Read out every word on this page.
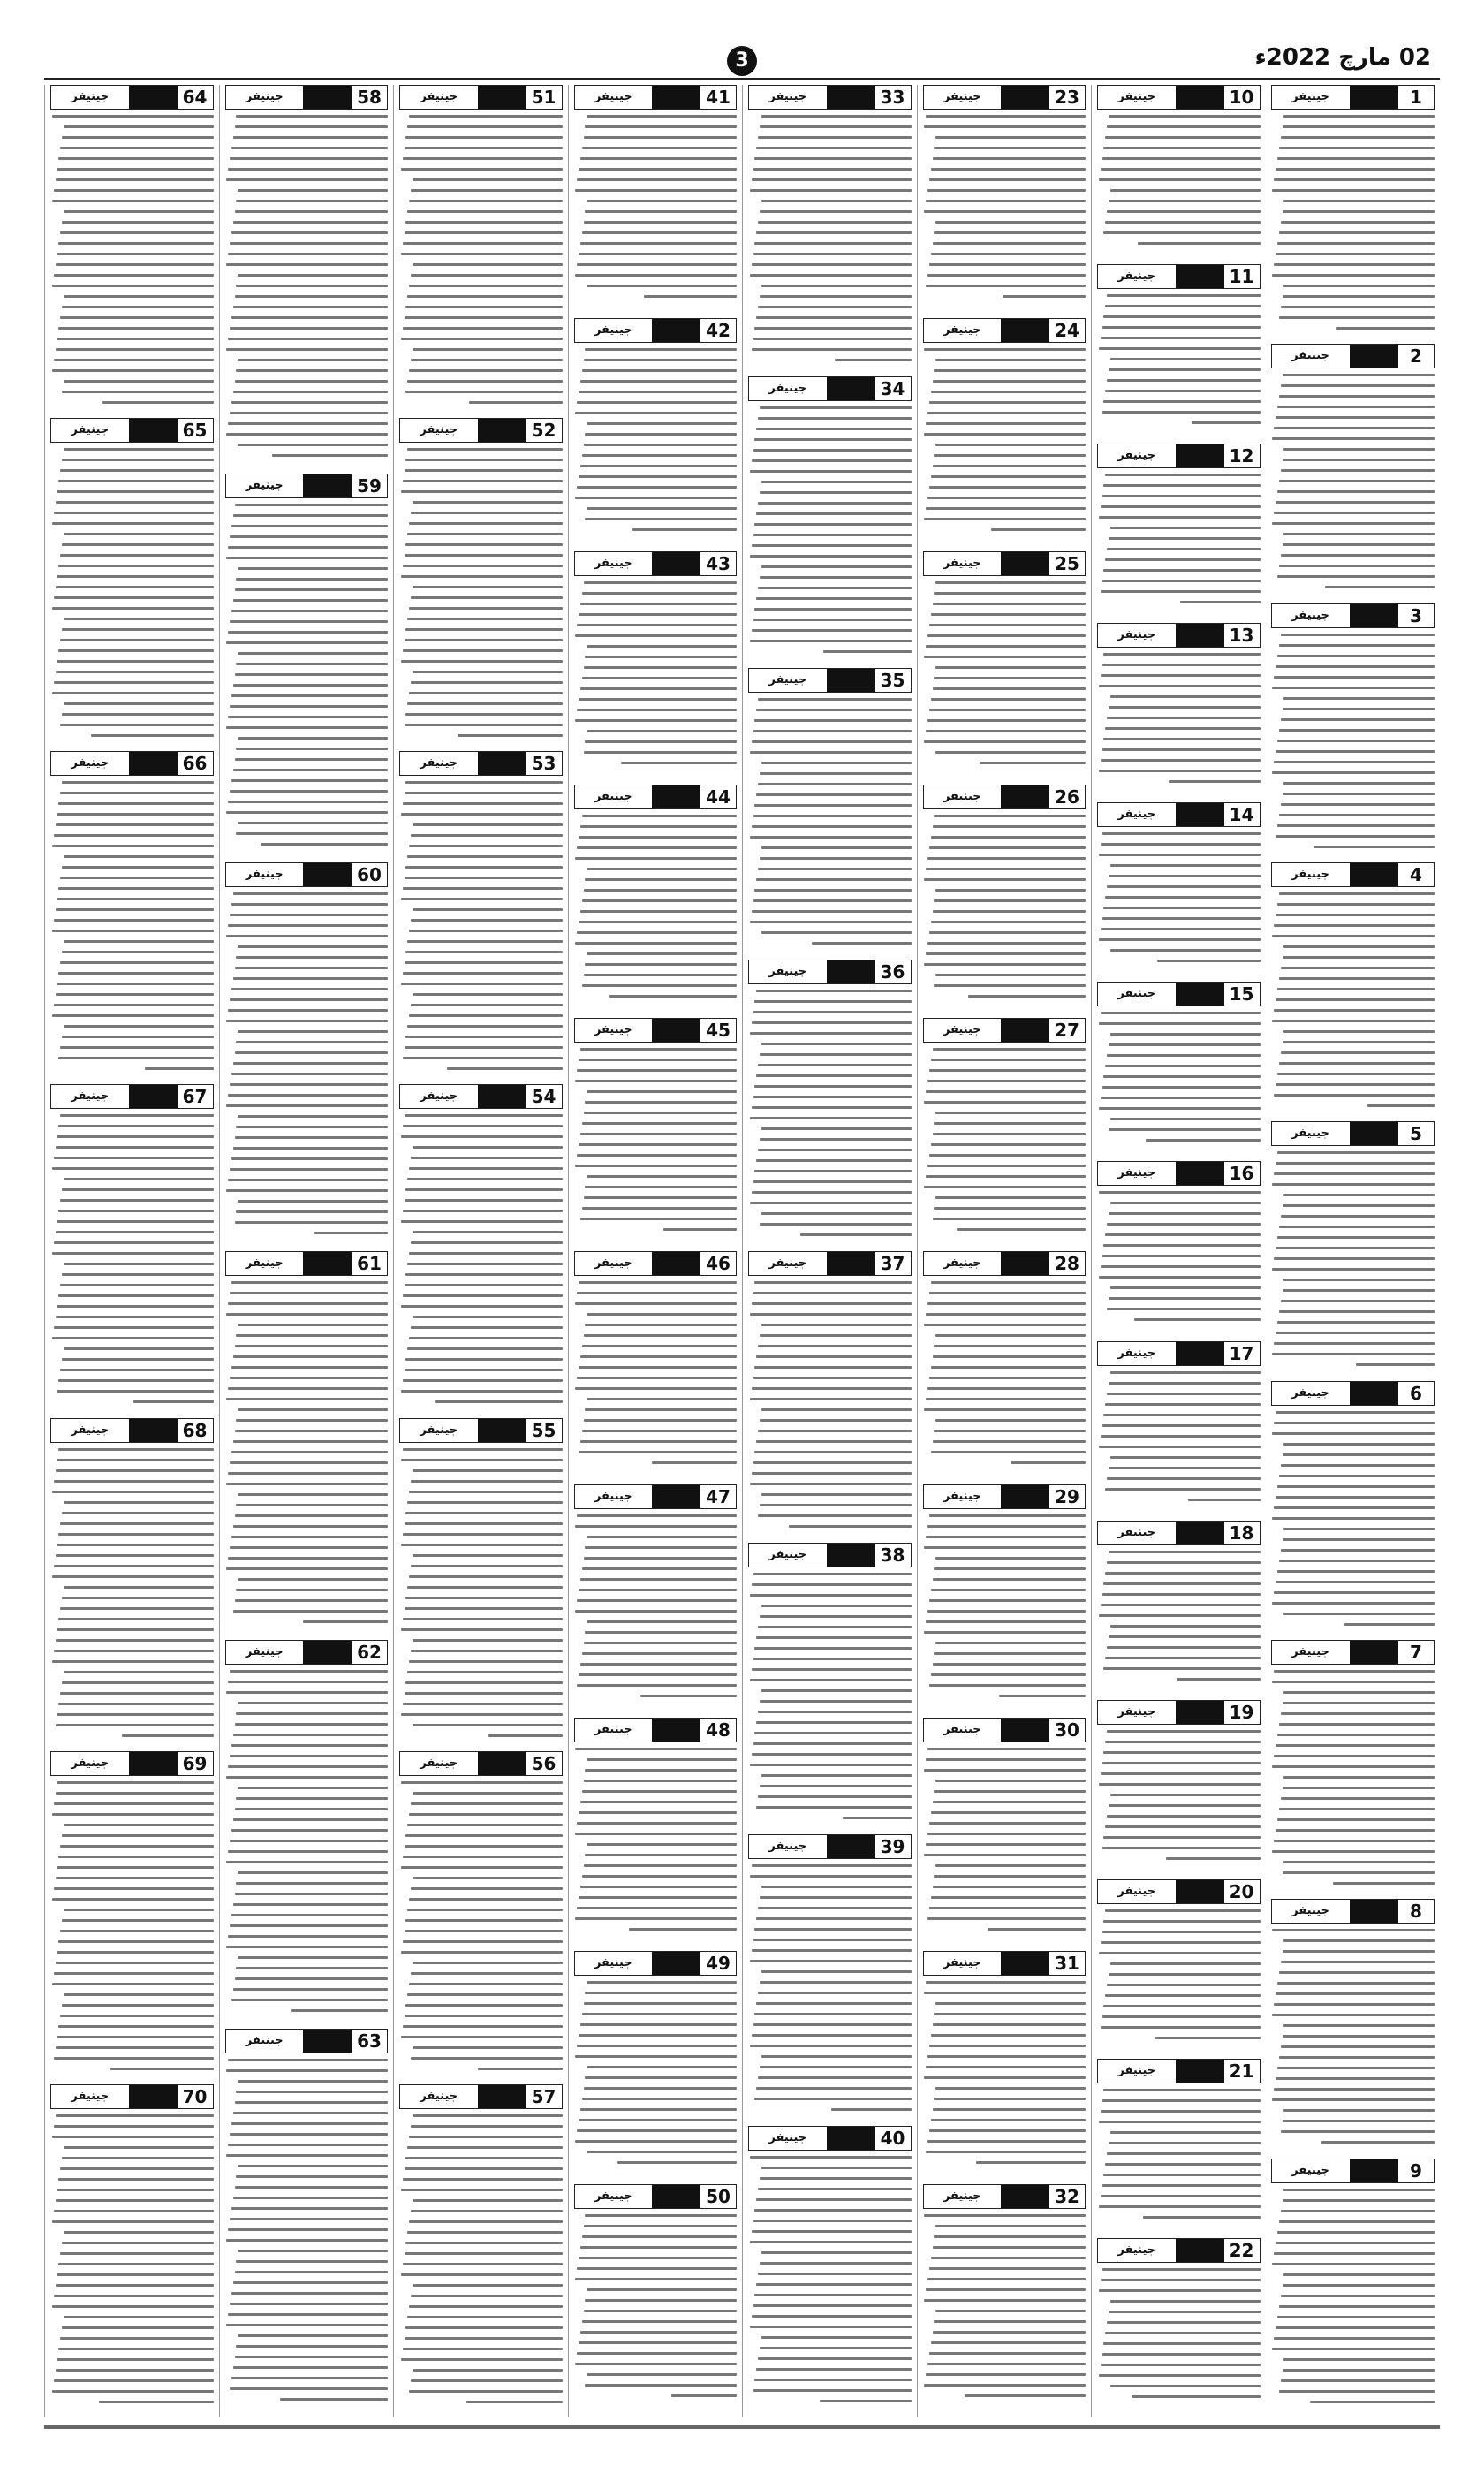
3	02 مارچ 2022ء
1
جینیفر
2
جینیفر
3
جینیفر
4
جینیفر
5
جینیفر
6
جینیفر
7
جینیفر
8
جینیفر
9
جینیفر
10
جینیفر
11
جینیفر
12
جینیفر
13
جینیفر
14
جینیفر
15
جینیفر
16
جینیفر
17
جینیفر
18
جینیفر
19
جینیفر
20
جینیفر
21
جینیفر
22
جینیفر
23
جینیفر
24
جینیفر
25
جینیفر
26
جینیفر
27
جینیفر
28
جینیفر
29
جینیفر
30
جینیفر
31
جینیفر
32
جینیفر
33
جینیفر
34
جینیفر
35
جینیفر
36
جینیفر
37
جینیفر
38
جینیفر
39
جینیفر
40
جینیفر
41
جینیفر
42
جینیفر
43
جینیفر
44
جینیفر
45
جینیفر
46
جینیفر
47
جینیفر
48
جینیفر
49
جینیفر
50
جینیفر
51
جینیفر
52
جینیفر
53
جینیفر
54
جینیفر
55
جینیفر
56
جینیفر
57
جینیفر
58
جینیفر
59
جینیفر
60
جینیفر
61
جینیفر
62
جینیفر
63
جینیفر
64
جینیفر
65
جینیفر
66
جینیفر
67
جینیفر
68
جینیفر
69
جینیفر
70
جینیفر
